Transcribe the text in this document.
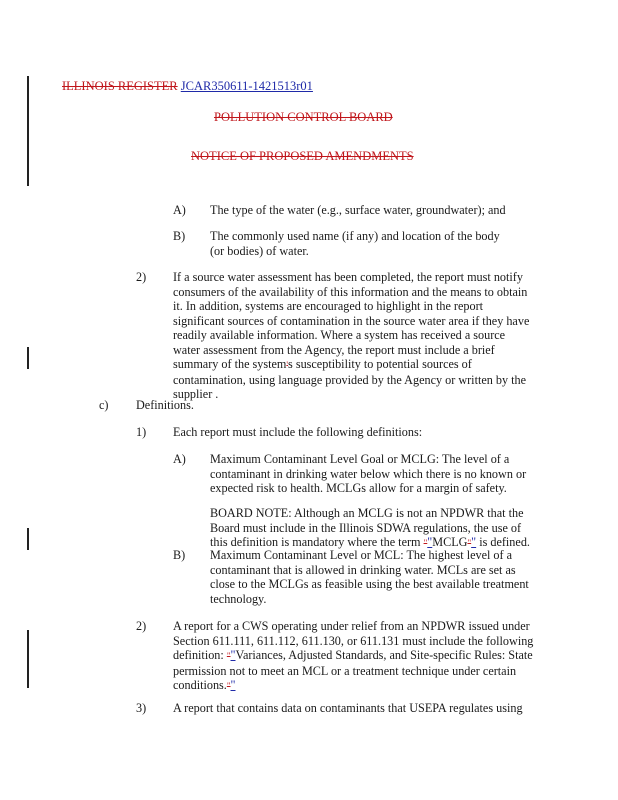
ILLINOIS REGISTER JCAR350611-1421513r01
POLLUTION CONTROL BOARD
NOTICE OF PROPOSED AMENDMENTS
A) The type of the water (e.g., surface water, groundwater); and
B) The commonly used name (if any) and location of the body (or bodies) of water.
2) If a source water assessment has been completed, the report must notify consumers of the availability of this information and the means to obtain it. In addition, systems are encouraged to highlight in the report significant sources of contamination in the source water area if they have readily available information. Where a system has received a source water assessment from the Agency, the report must include a brief summary of the system's susceptibility to potential sources of contamination, using language provided by the Agency or written by the supplier .
c) Definitions.
1) Each report must include the following definitions:
A) Maximum Contaminant Level Goal or MCLG: The level of a contaminant in drinking water below which there is no known or expected risk to health. MCLGs allow for a margin of safety.
BOARD NOTE: Although an MCLG is not an NPDWR that the Board must include in the Illinois SDWA regulations, the use of this definition is mandatory where the term ""MCLG"" is defined.
B) Maximum Contaminant Level or MCL: The highest level of a contaminant that is allowed in drinking water. MCLs are set as close to the MCLGs as feasible using the best available treatment technology.
2) A report for a CWS operating under relief from an NPDWR issued under Section 611.111, 611.112, 611.130, or 611.131 must include the following definition: ""Variances, Adjusted Standards, and Site-specific Rules: State permission not to meet an MCL or a treatment technique under certain conditions.""
3) A report that contains data on contaminants that USEPA regulates using
